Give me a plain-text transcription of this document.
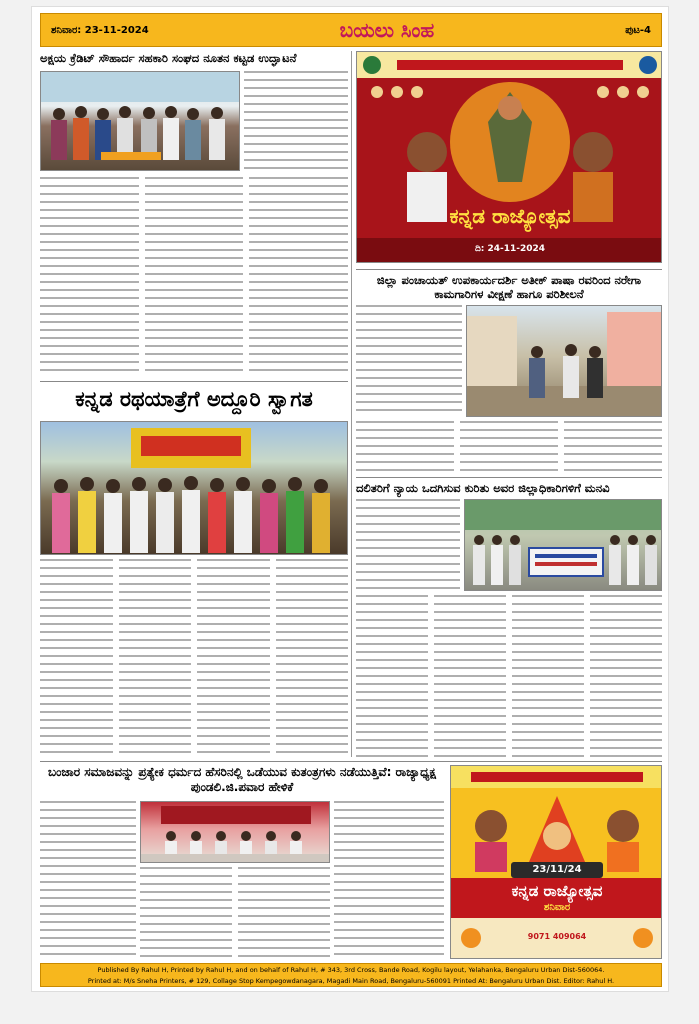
ಶನಿವಾರ: 23-11-2024	ಬಯಲು ಸಿಂಹ	ಪುಟ-4
ಅಕ್ಷಯ ಕ್ರೆಡಿಟ್ ಸೌಹಾರ್ದ ಸಹಕಾರಿ ಸಂಘದ ನೂತನ ಕಟ್ಟಡ ಉದ್ಘಾಟನೆ
ಕನ್ನಡ ರಥಯಾತ್ರೆಗೆ ಅದ್ದೂರಿ ಸ್ವಾಗತ
ಕನ್ನಡ ರಾಜ್ಯೋತ್ಸವ
ದಿ: 24-11-2024
ಜಿಲ್ಲಾ ಪಂಚಾಯತ್ ಉಪಕಾರ್ಯದರ್ಶಿ ಅತೀಕ್ ಪಾಷಾ ರವರಿಂದ ನರೇಗಾ ಕಾಮಗಾರಿಗಳ ವೀಕ್ಷಣೆ ಹಾಗೂ ಪರಿಶೀಲನೆ
ದಲಿತರಿಗೆ ನ್ಯಾಯ ಒದಗಿಸುವ ಕುರಿತು ಅವರ ಜಿಲ್ಲಾಧಿಕಾರಿಗಳಿಗೆ ಮನವಿ
ಬಂಜಾರ ಸಮಾಜವನ್ನು ಪ್ರತ್ಯೇಕ ಧರ್ಮದ ಹೆಸರಿನಲ್ಲಿ ಒಡೆಯುವ ಕುತಂತ್ರಗಳು ನಡೆಯುತ್ತಿವೆ: ರಾಜ್ಯಾಧ್ಯಕ್ಷ ಪುಂಡಲಿ.ಜಿ.ಪವಾರ ಹೇಳಿಕೆ
23/11/24
ಕನ್ನಡ ರಾಜ್ಯೋತ್ಸವ
ಶನಿವಾರ
9071 409064
Published By Rahul H, Printed by Rahul H, and on behalf of Rahul H, # 343, 3rd Cross, Bande Road, Kogilu layout, Yelahanka, Bengaluru Urban Dist-560064.
Printed at: M/s Sneha Printers, # 129, Collage Stop Kempegowdanagara, Magadi Main Road, Bengaluru-560091 Printed At: Bengaluru Urban Dist. Editor: Rahul H.
